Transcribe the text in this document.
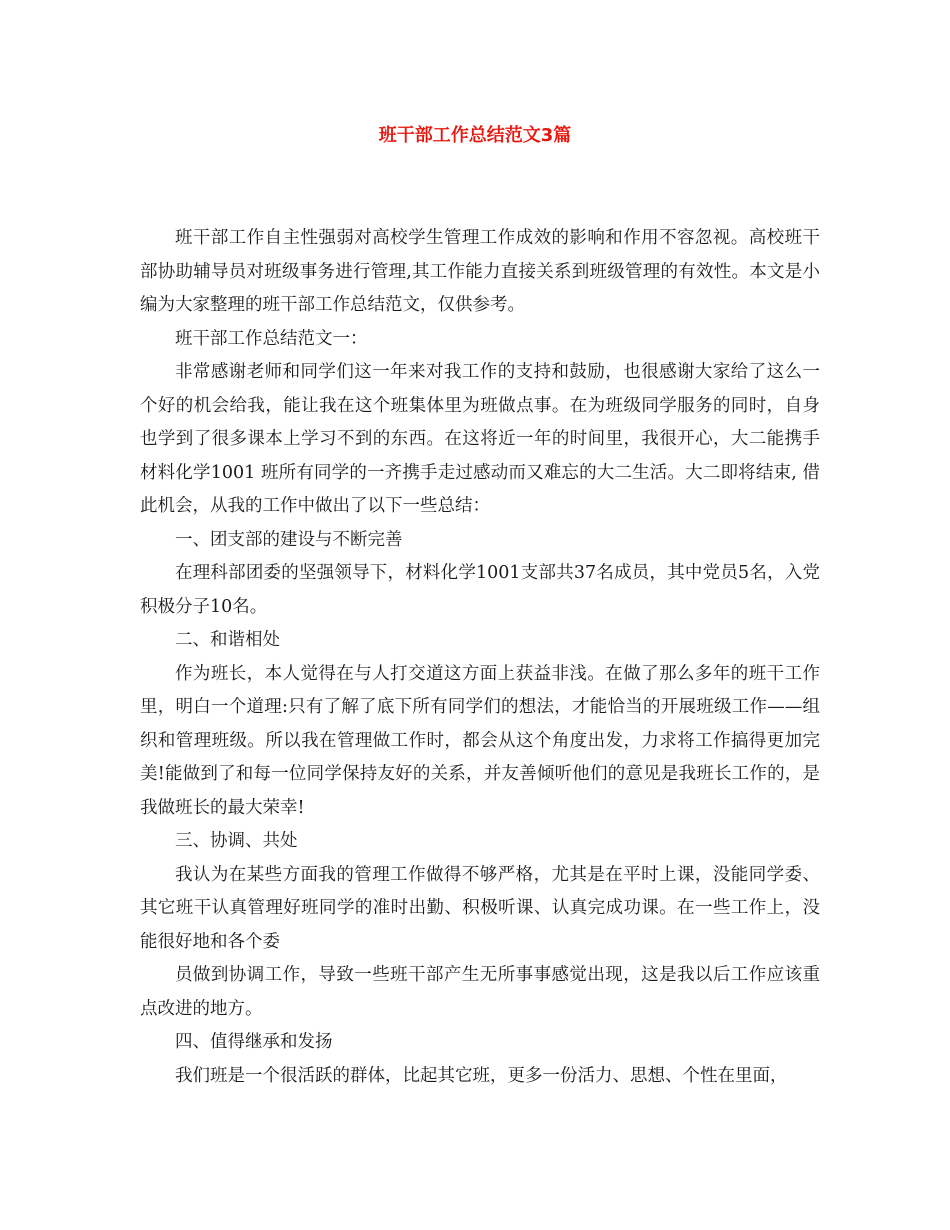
班干部工作总结范文3篇

班干部工作自主性强弱对高校学生管理工作成效的影响和作用不容忽视。高校班干部协助辅导员对班级事务进行管理,其工作能力直接关系到班级管理的有效性。本文是小编为大家整理的班干部工作总结范文，仅供参考。

班干部工作总结范文一：

非常感谢老师和同学们这一年来对我工作的支持和鼓励，也很感谢大家给了这么一个好的机会给我，能让我在这个班集体里为班做点事。在为班级同学服务的同时，自身也学到了很多课本上学习不到的东西。在这将近一年的时间里，我很开心，大二能携手材料化学1001 班所有同学的一齐携手走过感动而又难忘的大二生活。大二即将结束, 借此机会，从我的工作中做出了以下一些总结：

一、团支部的建设与不断完善

在理科部团委的坚强领导下，材料化学1001支部共37名成员，其中党员5名，入党积极分子10名。

二、和谐相处

作为班长，本人觉得在与人打交道这方面上获益非浅。在做了那么多年的班干工作里，明白一个道理:只有了解了底下所有同学们的想法，才能恰当的开展班级工作——组织和管理班级。所以我在管理做工作时，都会从这个角度出发，力求将工作搞得更加完美!能做到了和每一位同学保持友好的关系，并友善倾听他们的意见是我班长工作的，是我做班长的最大荣幸!

三、协调、共处

我认为在某些方面我的管理工作做得不够严格，尤其是在平时上课，没能同学委、其它班干认真管理好班同学的准时出勤、积极听课、认真完成功课。在一些工作上，没能很好地和各个委

员做到协调工作，导致一些班干部产生无所事事感觉出现，这是我以后工作应该重点改进的地方。

四、值得继承和发扬

我们班是一个很活跃的群体，比起其它班，更多一份活力、思想、个性在里面，
